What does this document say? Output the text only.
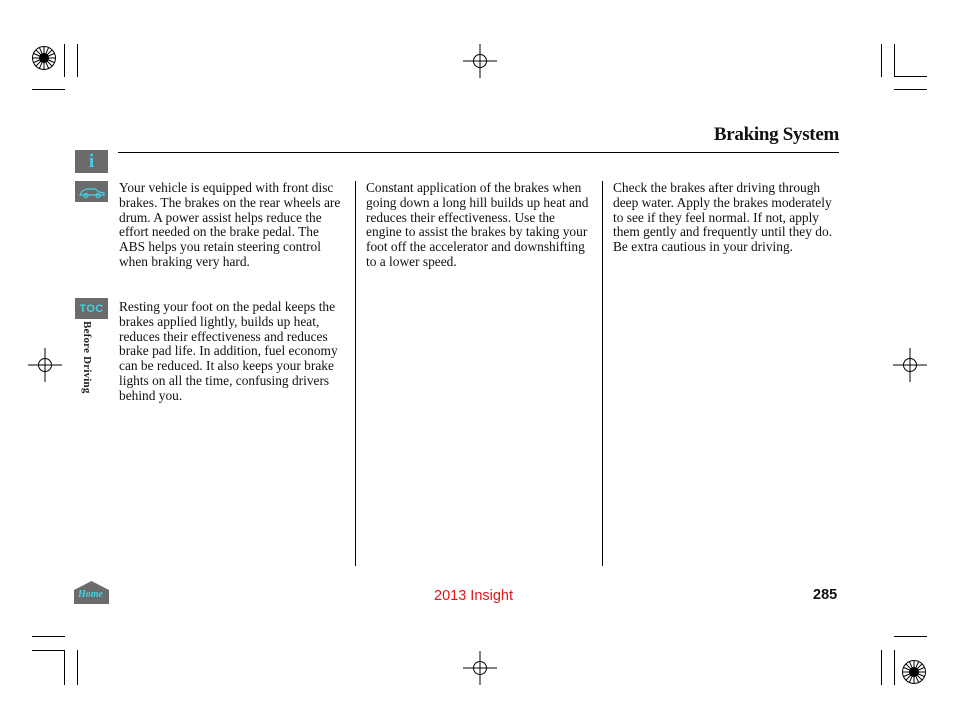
Braking System
i
TOC
Before Driving
Home

Your vehicle is equipped with front disc brakes. The brakes on the rear wheels are drum. A power assist helps reduce the effort needed on the brake pedal. The ABS helps you retain steering control when braking very hard.

Resting your foot on the pedal keeps the brakes applied lightly, builds up heat, reduces their effectiveness and reduces brake pad life. In addition, fuel economy can be reduced. It also keeps your brake lights on all the time, confusing drivers behind you.

Constant application of the brakes when going down a long hill builds up heat and reduces their effectiveness. Use the engine to assist the brakes by taking your foot off the accelerator and downshifting to a lower speed.

Check the brakes after driving through deep water. Apply the brakes moderately to see if they feel normal. If not, apply them gently and frequently until they do. Be extra cautious in your driving.

2013 Insight	285
